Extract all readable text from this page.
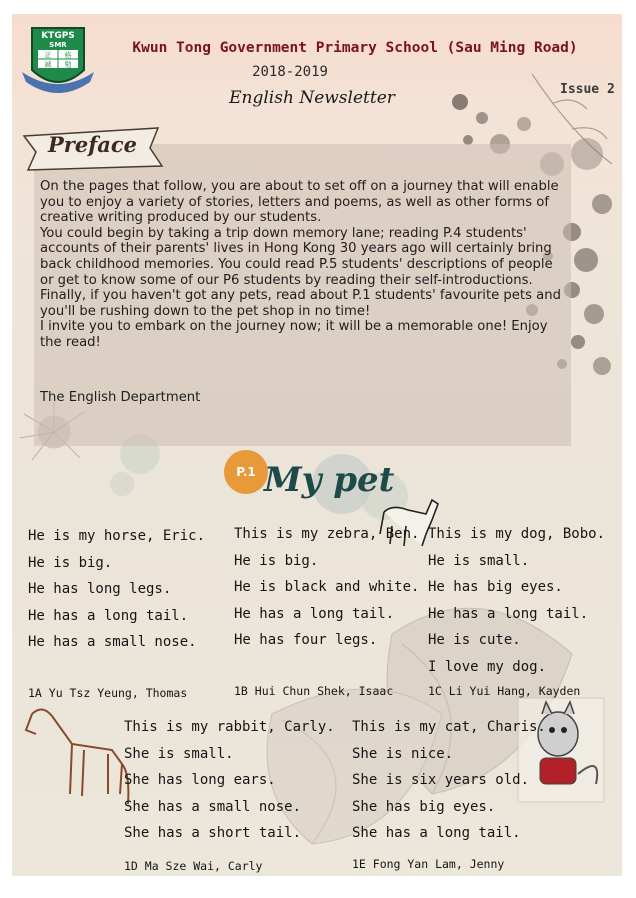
KTGPS
SMR
正 格
誠 勉
Kwun Tong Government Primary School (Sau Ming Road)
2018-2019
English Newsletter	Issue 2
Preface

On the pages that follow, you are about to set off on a journey that will enable you to enjoy a variety of stories, letters and poems, as well as other forms of creative writing produced by our students.

You could begin by taking a trip down memory lane; reading P.4 students' accounts of their parents' lives in Hong Kong 30 years ago will certainly bring back childhood memories. You could read P.5 students' descriptions of people or get to know some of our P6 students by reading their self-introductions. Finally, if you haven't got any pets, read about P.1 students' favourite pets and you'll be rushing down to the pet shop in no time!

I invite you to embark on the journey now; it will be a memorable one! Enjoy the read!

The English Department
P.1 My pet
He is my horse, Eric.
He is big.
He has long legs.
He has a long tail.
He has a small nose.
1A Yu Tsz Yeung, Thomas
This is my zebra, Ben.
He is big.
He is black and white.
He has a long tail.
He has four legs.
1B Hui Chun Shek, Isaac
This is my dog, Bobo.
He is small.
He has big eyes.
He has a long tail.
He is cute.
I love my dog.
1C Li Yui Hang, Kayden
This is my rabbit, Carly.
She is small.
She has long ears.
She has a small nose.
She has a short tail.
1D Ma Sze Wai, Carly
This is my cat, Charis.
She is nice.
She is six years old.
She has big eyes.
She has a long tail.
1E Fong Yan Lam, Jenny
